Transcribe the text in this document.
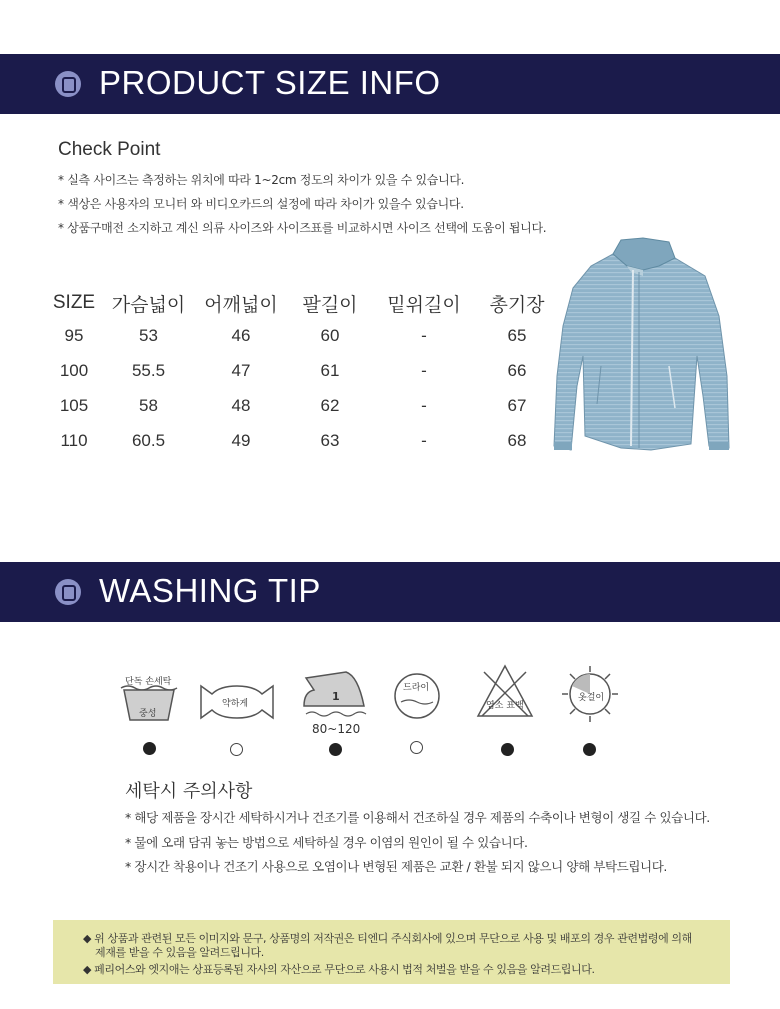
PRODUCT SIZE INFO
Check Point
* 실측 사이즈는 측정하는 위치에 따라 1~2cm 정도의 차이가 있을 수 있습니다.
* 색상은 사용자의 모니터 와 비디오카드의 설정에 따라 차이가 있을수 있습니다.
* 상품구매전 소지하고 계신 의류 사이즈와 사이즈표를 비교하시면 사이즈 선택에 도움이 됩니다.
SIZE	가슴넓이	어깨넓이	팔길이	밑위길이	총기장
95	53	46	60	-	65
100	55.5	47	61	-	66
105	58	48	62	-	67
110	60.5	49	63	-	68
WASHING TIP
단독 손세탁
중성
약하게
1
80~120
드라이
염소 표백
옷걸이
세탁시 주의사항
* 해당 제품을 장시간 세탁하시거나 건조기를 이용해서 건조하실 경우 제품의 수축이나 변형이 생길 수 있습니다.
* 물에 오래 담궈 놓는 방법으로 세탁하실 경우 이염의 원인이 될 수 있습니다.
* 장시간 착용이나 건조기 사용으로 오염이나 변형된 제품은 교환 / 환불 되지 않으니 양해 부탁드립니다.
◆ 위 상품과 관련된 모든 이미지와 문구, 상품명의 저작권은 티엔디 주식회사에 있으며 무단으로 사용 및 배포의 경우 관련법령에 의해
제재를 받을 수 있음을 알려드립니다.
◆ 페리어스와 엣지애는 상표등록된 자사의 자산으로 무단으로 사용시 법적 처벌을 받을 수 있음을 알려드립니다.
